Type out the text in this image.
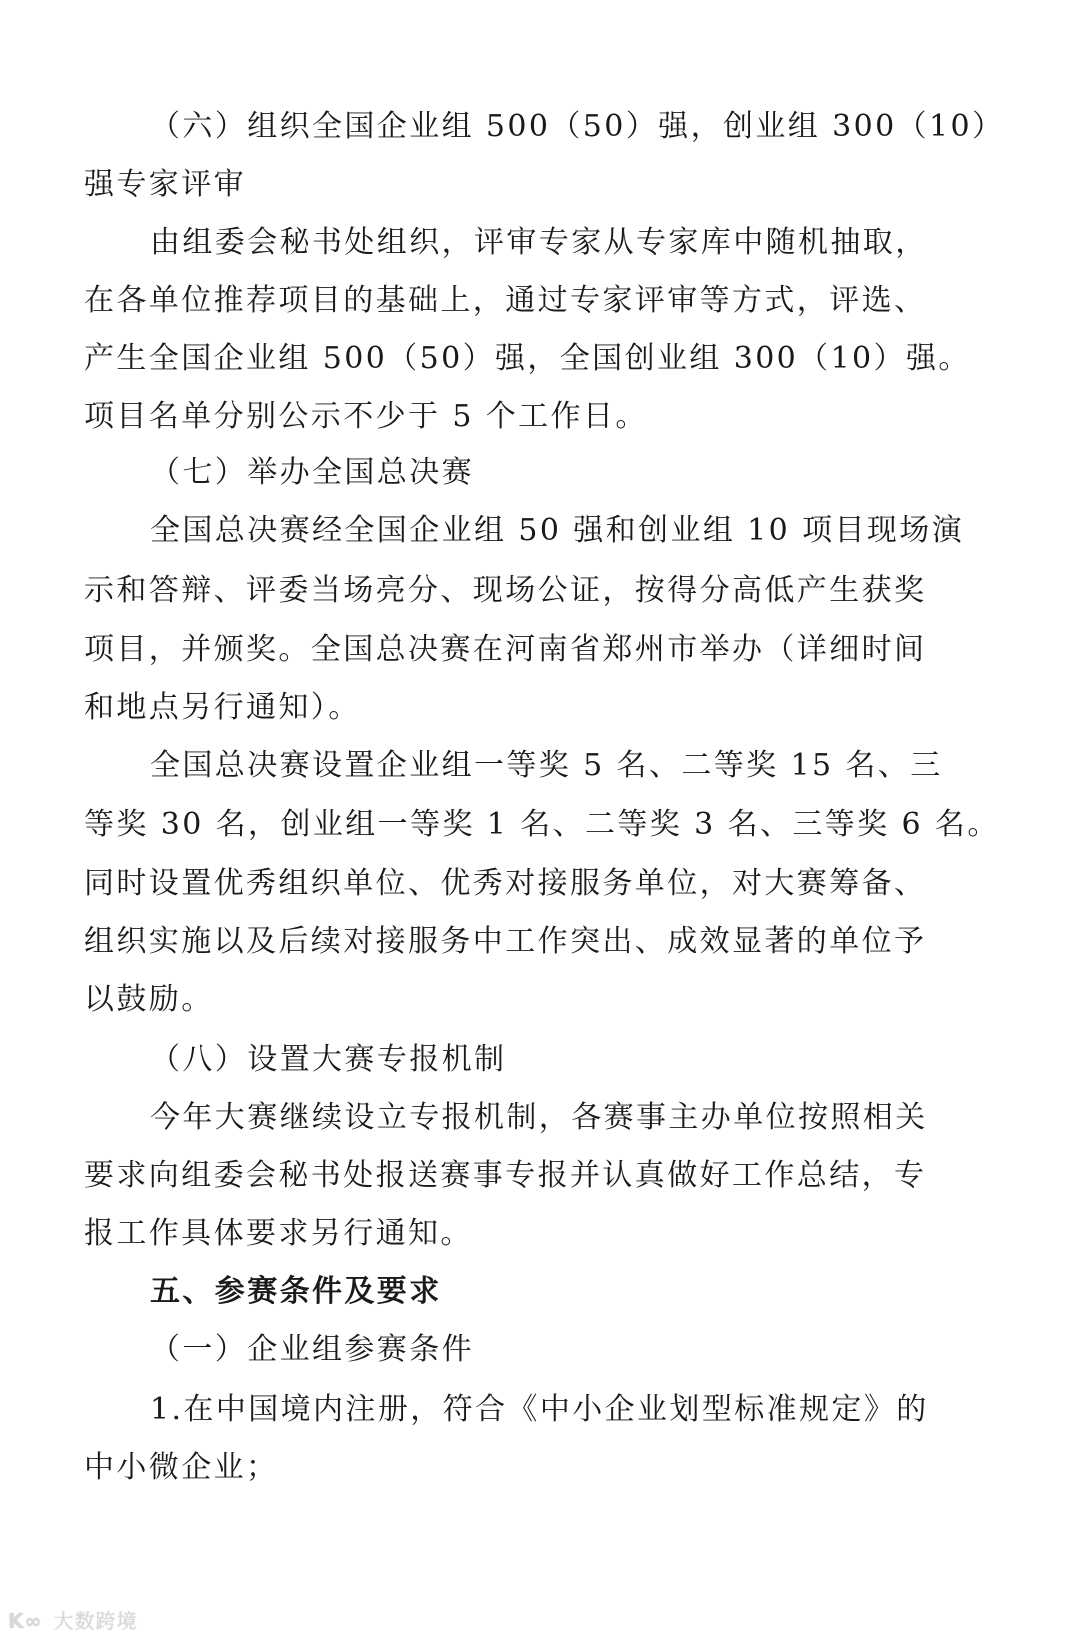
（六）组织全国企业组 500（50）强，创业组 300（10）
强专家评审
由组委会秘书处组织，评审专家从专家库中随机抽取，
在各单位推荐项目的基础上，通过专家评审等方式，评选、
产生全国企业组 500（50）强，全国创业组 300（10）强。
项目名单分别公示不少于 5 个工作日。
（七）举办全国总决赛
全国总决赛经全国企业组 50 强和创业组 10 项目现场演
示和答辩、评委当场亮分、现场公证，按得分高低产生获奖
项目，并颁奖。全国总决赛在河南省郑州市举办（详细时间
和地点另行通知）。
全国总决赛设置企业组一等奖 5 名、二等奖 15 名、三
等奖 30 名，创业组一等奖 1 名、二等奖 3 名、三等奖 6 名。
同时设置优秀组织单位、优秀对接服务单位，对大赛筹备、
组织实施以及后续对接服务中工作突出、成效显著的单位予
以鼓励。
（八）设置大赛专报机制
今年大赛继续设立专报机制，各赛事主办单位按照相关
要求向组委会秘书处报送赛事专报并认真做好工作总结，专
报工作具体要求另行通知。
五、参赛条件及要求
（一）企业组参赛条件
1.在中国境内注册，符合《中小企业划型标准规定》的
中小微企业；
K∞ 大数跨境
